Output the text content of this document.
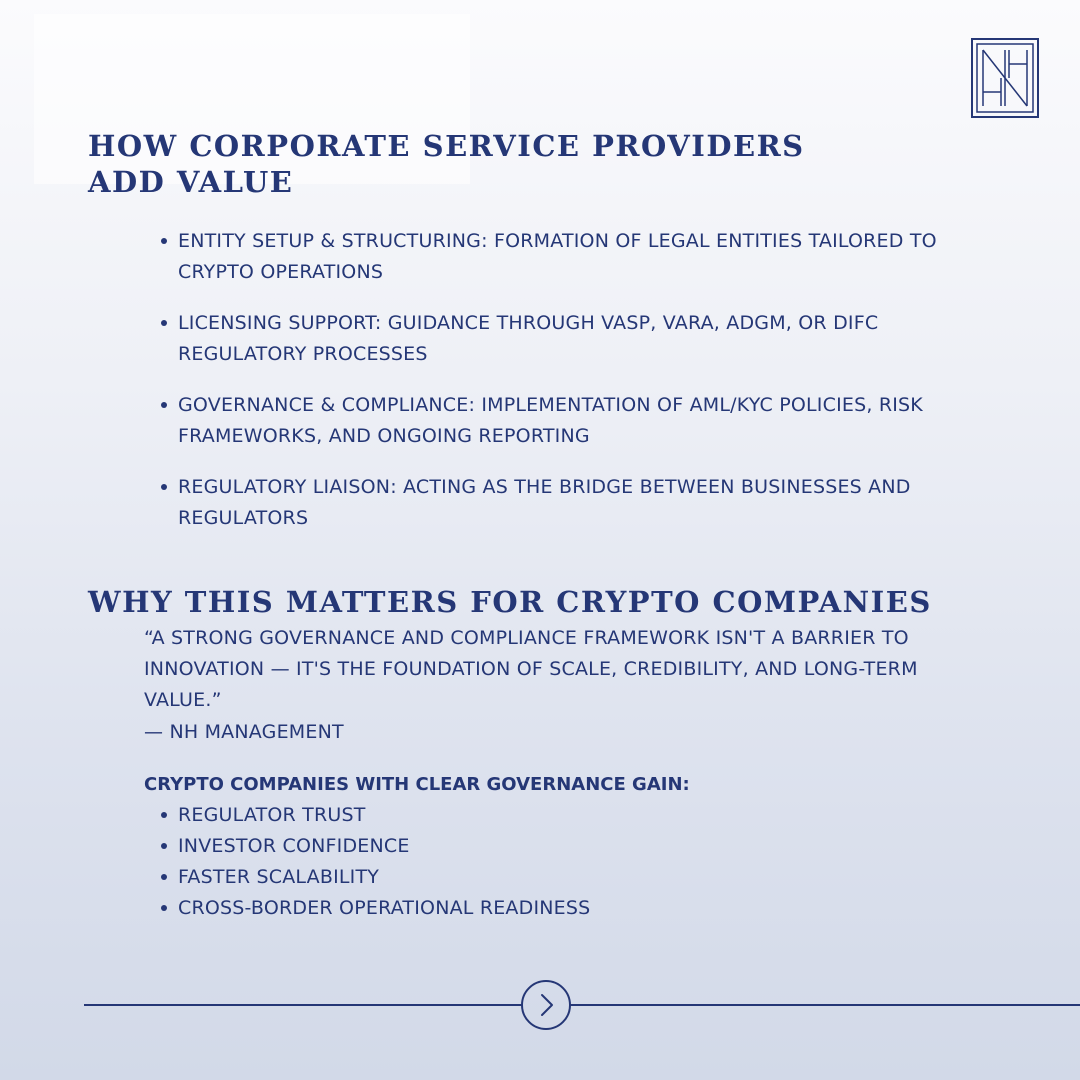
HOW CORPORATE SERVICE PROVIDERS ADD VALUE
ENTITY SETUP & STRUCTURING: FORMATION OF LEGAL ENTITIES TAILORED TO CRYPTO OPERATIONS
LICENSING SUPPORT: GUIDANCE THROUGH VASP, VARA, ADGM, OR DIFC REGULATORY PROCESSES
GOVERNANCE & COMPLIANCE: IMPLEMENTATION OF AML/KYC POLICIES, RISK FRAMEWORKS, AND ONGOING REPORTING
REGULATORY LIAISON: ACTING AS THE BRIDGE BETWEEN BUSINESSES AND REGULATORS
WHY THIS MATTERS FOR CRYPTO COMPANIES

“A STRONG GOVERNANCE AND COMPLIANCE FRAMEWORK ISN'T A BARRIER TO INNOVATION — IT'S THE FOUNDATION OF SCALE, CREDIBILITY, AND LONG-TERM VALUE.”

— NH MANAGEMENT
CRYPTO COMPANIES WITH CLEAR GOVERNANCE GAIN:
REGULATOR TRUST
INVESTOR CONFIDENCE
FASTER SCALABILITY
CROSS-BORDER OPERATIONAL READINESS
